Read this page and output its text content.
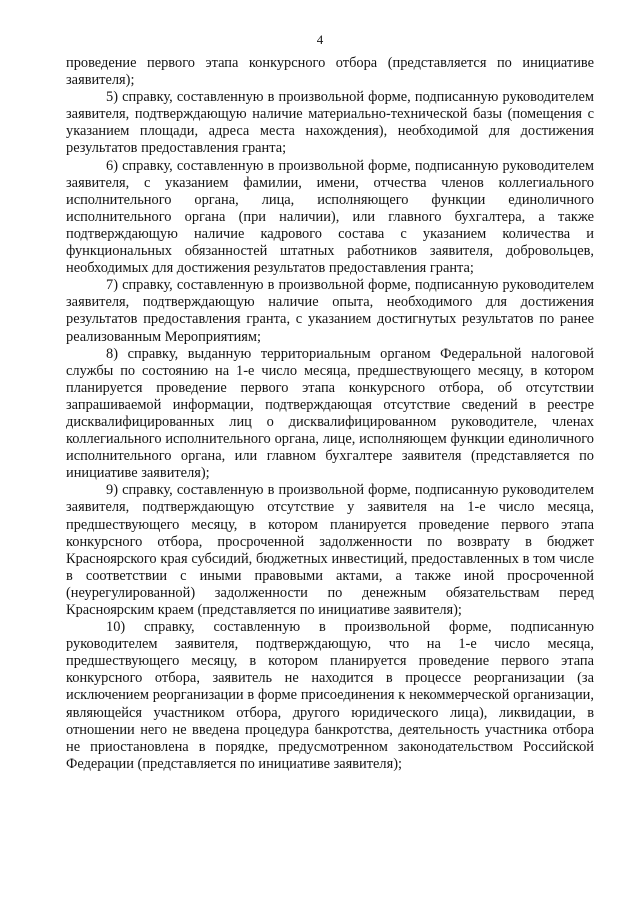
4

проведение первого этапа конкурсного отбора (представляется по инициативе заявителя);

5) справку, составленную в произвольной форме, подписанную руководителем заявителя, подтверждающую наличие материально-технической базы (помещения с указанием площади, адреса места нахождения), необходимой для достижения результатов предоставления гранта;

6) справку, составленную в произвольной форме, подписанную руководителем заявителя, с указанием фамилии, имени, отчества членов коллегиального исполнительного органа, лица, исполняющего функции единоличного исполнительного органа (при наличии), или главного бухгалтера, а также подтверждающую наличие кадрового состава с указанием количества и функциональных обязанностей штатных работников заявителя, добровольцев, необходимых для достижения результатов предоставления гранта;

7) справку, составленную в произвольной форме, подписанную руководителем заявителя, подтверждающую наличие опыта, необходимого для достижения результатов предоставления гранта, с указанием достигнутых результатов по ранее реализованным Мероприятиям;

8) справку, выданную территориальным органом Федеральной налоговой службы по состоянию на 1-е число месяца, предшествующего месяцу, в котором планируется проведение первого этапа конкурсного отбора, об отсутствии запрашиваемой информации, подтверждающая отсутствие сведений в реестре дисквалифицированных лиц о дисквалифицированном руководителе, членах коллегиального исполнительного органа, лице, исполняющем функции единоличного исполнительного органа, или главном бухгалтере заявителя (представляется по инициативе заявителя);

9) справку, составленную в произвольной форме, подписанную руководителем заявителя, подтверждающую отсутствие у заявителя на 1-е число месяца, предшествующего месяцу, в котором планируется проведение первого этапа конкурсного отбора, просроченной задолженности по возврату в бюджет Красноярского края субсидий, бюджетных инвестиций, предоставленных в том числе в соответствии с иными правовыми актами, а также иной просроченной (неурегулированной) задолженности по денежным обязательствам перед Красноярским краем (представляется по инициативе заявителя);

10) справку, составленную в произвольной форме, подписанную руководителем заявителя, подтверждающую, что на 1-е число месяца, предшествующего месяцу, в котором планируется проведение первого этапа конкурсного отбора, заявитель не находится в процессе реорганизации (за исключением реорганизации в форме присоединения к некоммерческой организации, являющейся участником отбора, другого юридического лица), ликвидации, в отношении него не введена процедура банкротства, деятельность участника отбора не приостановлена в порядке, предусмотренном законодательством Российской Федерации (представляется по инициативе заявителя);
